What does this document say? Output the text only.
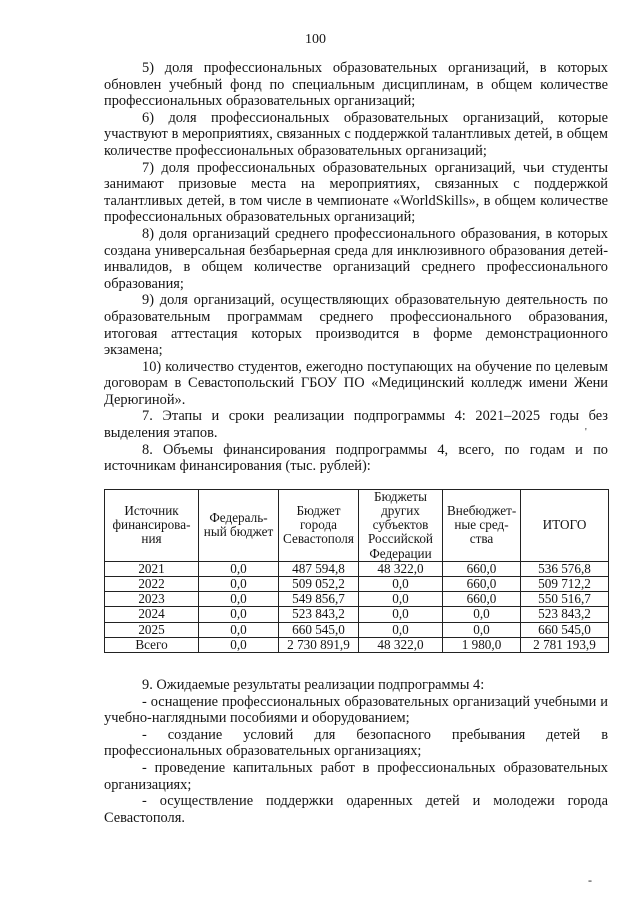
100

5) доля профессиональных образовательных организаций, в которых обновлен учебный фонд по специальным дисциплинам, в общем количестве профессиональных образовательных организаций;

6) доля профессиональных образовательных организаций, которые участвуют в мероприятиях, связанных с поддержкой талантливых детей, в общем количестве профессиональных образовательных организаций;

7) доля профессиональных образовательных организаций, чьи студенты занимают призовые места на мероприятиях, связанных с поддержкой талантливых детей, в том числе в чемпионате «WorldSkills», в общем количестве профессиональных образовательных организаций;

8) доля организаций среднего профессионального образования, в которых создана универсальная безбарьерная среда для инклюзивного образования детей-инвалидов, в общем количестве организаций среднего профессионального образования;

9) доля организаций, осуществляющих образовательную деятельность по образовательным программам среднего профессионального образования, итоговая аттестация которых производится в форме демонстрационного экзамена;

10) количество студентов, ежегодно поступающих на обучение по целевым договорам в Севастопольский ГБОУ ПО «Медицинский колледж имени Жени Дерюгиной».

7. Этапы и сроки реализации подпрограммы 4: 2021–2025 годы без выделения этапов.

8. Объемы финансирования подпрограммы 4, всего, по годам и по источникам финансирования (тыс. рублей):

Источник финансирова-ния	Федераль-ный бюджет	Бюджет города Севастополя	Бюджеты других субъектов Российской Федерации	Внебюджет-ные сред-ства	ИТОГО
2021	0,0	487 594,8	48 322,0	660,0	536 576,8
2022	0,0	509 052,2	0,0	660,0	509 712,2
2023	0,0	549 856,7	0,0	660,0	550 516,7
2024	0,0	523 843,2	0,0	0,0	523 843,2
2025	0,0	660 545,0	0,0	0,0	660 545,0
Всего	0,0	2 730 891,9	48 322,0	1 980,0	2 781 193,9

9. Ожидаемые результаты реализации подпрограммы 4:

- оснащение профессиональных образовательных организаций учебными и учебно-наглядными пособиями и оборудованием;

- создание условий для безопасного пребывания детей в профессиональных образовательных организациях;

- проведение капитальных работ в профессиональных образовательных организациях;

- осуществление поддержки одаренных детей и молодежи города Севастополя.

'
-
